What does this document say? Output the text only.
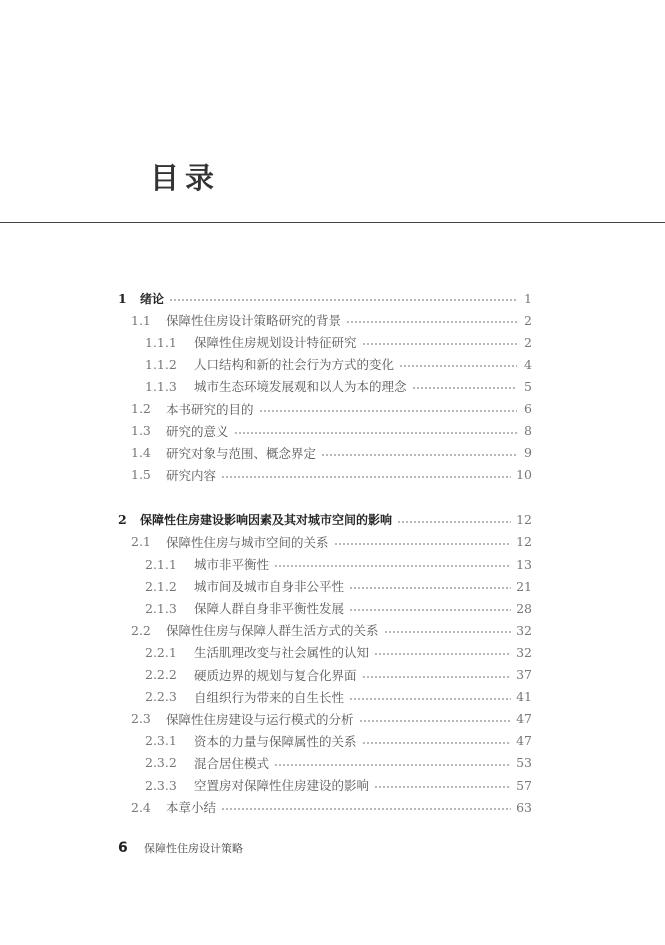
目录
1	绪论	1
1.1	保障性住房设计策略研究的背景	2
1.1.1	保障性住房规划设计特征研究	2
1.1.2	人口结构和新的社会行为方式的变化	4
1.1.3	城市生态环境发展观和以人为本的理念	5
1.2	本书研究的目的	6
1.3	研究的意义	8
1.4	研究对象与范围、概念界定	9
1.5	研究内容	10
2	保障性住房建设影响因素及其对城市空间的影响	12
2.1	保障性住房与城市空间的关系	12
2.1.1	城市非平衡性	13
2.1.2	城市间及城市自身非公平性	21
2.1.3	保障人群自身非平衡性发展	28
2.2	保障性住房与保障人群生活方式的关系	32
2.2.1	生活肌理改变与社会属性的认知	32
2.2.2	硬质边界的规划与复合化界面	37
2.2.3	自组织行为带来的自生长性	41
2.3	保障性住房建设与运行模式的分析	47
2.3.1	资本的力量与保障属性的关系	47
2.3.2	混合居住模式	53
2.3.3	空置房对保障性住房建设的影响	57
2.4	本章小结	63
6	保障性住房设计策略
